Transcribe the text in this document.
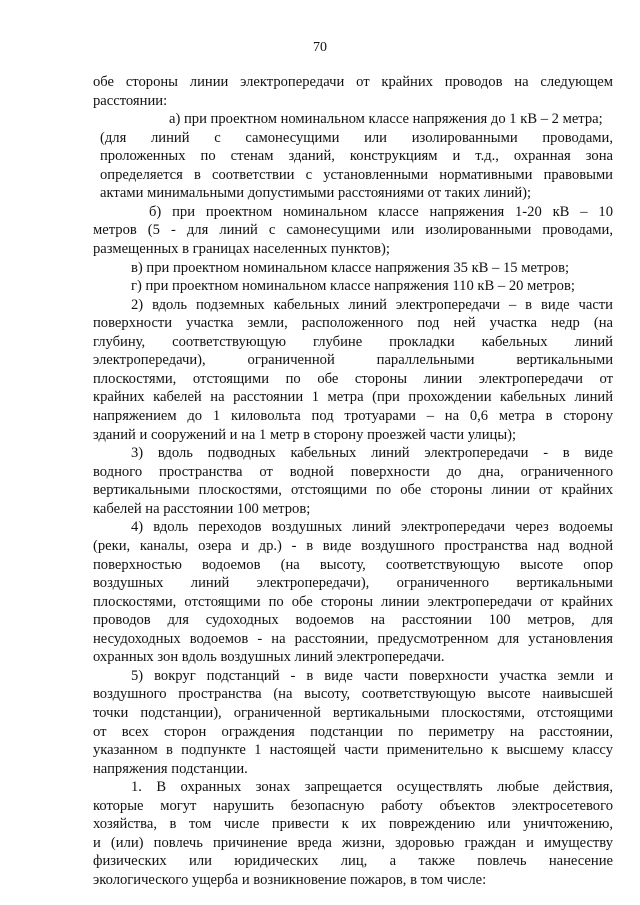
70
обе стороны линии электропередачи от крайних проводов на следующем
расстоянии:
а) при проектном номинальном классе напряжения до 1 кВ – 2 метра;
(для линий с самонесущими или изолированными проводами,
проложенных по стенам зданий, конструкциям и т.д., охранная зона
определяется в соответствии с установленными нормативными правовыми
актами минимальными допустимыми расстояниями от таких линий);
б) при проектном номинальном классе напряжения 1-20 кВ – 10
метров (5 - для линий с самонесущими или изолированными проводами,
размещенных в границах населенных пунктов);
в) при проектном номинальном классе напряжения 35 кВ – 15 метров;
г) при проектном номинальном классе напряжения 110 кВ – 20 метров;
2) вдоль подземных кабельных линий электропередачи – в виде части
поверхности участка земли, расположенного под ней участка недр (на
глубину, соответствующую глубине прокладки кабельных линий
электропередачи), ограниченной параллельными вертикальными
плоскостями, отстоящими по обе стороны линии электропередачи от
крайних кабелей на расстоянии 1 метра (при прохождении кабельных линий
напряжением до 1 киловольта под тротуарами – на 0,6 метра в сторону
зданий и сооружений и на 1 метр в сторону проезжей части улицы);
3) вдоль подводных кабельных линий электропередачи - в виде
водного пространства от водной поверхности до дна, ограниченного
вертикальными плоскостями, отстоящими по обе стороны линии от крайних
кабелей на расстоянии 100 метров;
4) вдоль переходов воздушных линий электропередачи через водоемы
(реки, каналы, озера и др.) - в виде воздушного пространства над водной
поверхностью водоемов (на высоту, соответствующую высоте опор
воздушных линий электропередачи), ограниченного вертикальными
плоскостями, отстоящими по обе стороны линии электропередачи от крайних
проводов для судоходных водоемов на расстоянии 100 метров, для
несудоходных водоемов - на расстоянии, предусмотренном для установления
охранных зон вдоль воздушных линий электропередачи.
5) вокруг подстанций - в виде части поверхности участка земли и
воздушного пространства (на высоту, соответствующую высоте наивысшей
точки подстанции), ограниченной вертикальными плоскостями, отстоящими
от всех сторон ограждения подстанции по периметру на расстоянии,
указанном в подпункте 1 настоящей части применительно к высшему классу
напряжения подстанции.
1. В охранных зонах запрещается осуществлять любые действия,
которые могут нарушить безопасную работу объектов электросетевого
хозяйства, в том числе привести к их повреждению или уничтожению,
и (или) повлечь причинение вреда жизни, здоровью граждан и имуществу
физических или юридических лиц, а также повлечь нанесение
экологического ущерба и возникновение пожаров, в том числе:
